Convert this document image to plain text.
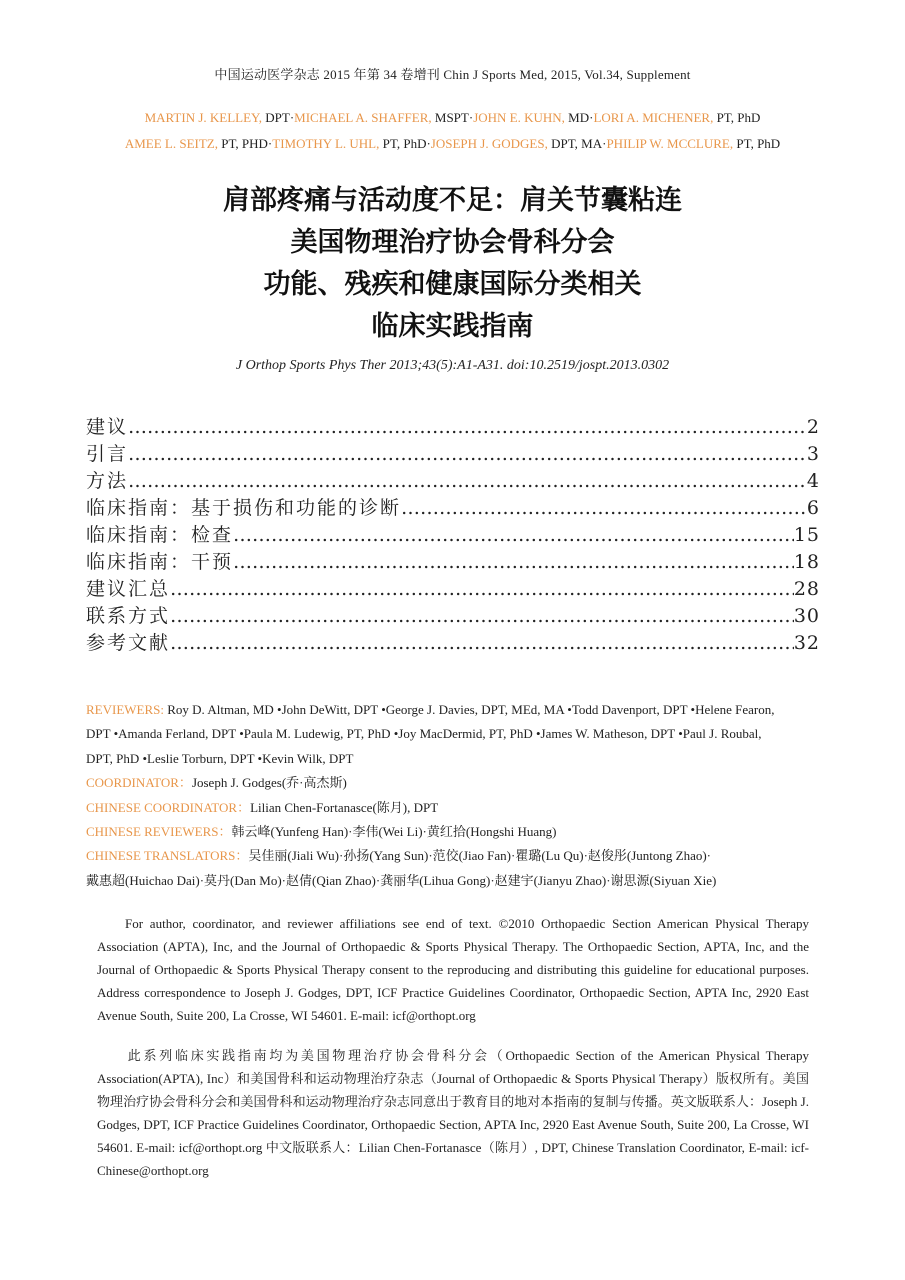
中国运动医学杂志 2015 年第 34 卷增刊 Chin J Sports Med, 2015, Vol.34, Supplement
MARTIN J. KELLEY, DPT·MICHAEL A. SHAFFER, MSPT·JOHN E. KUHN, MD·LORI A. MICHENER, PT, PhD
AMEE L. SEITZ, PT, PHD·TIMOTHY L. UHL, PT, PhD·JOSEPH J. GODGES, DPT, MA·PHILIP W. MCCLURE, PT, PhD
肩部疼痛与活动度不足：肩关节囊粘连
美国物理治疗协会骨科分会
功能、残疾和健康国际分类相关
临床实践指南
J Orthop Sports Phys Ther 2013;43(5):A1-A31. doi:10.2519/jospt.2013.0302
建议 …………………………………………………………………………………………………………………………………………………	2
引言 …………………………………………………………………………………………………………………………………………………	3
方法 …………………………………………………………………………………………………………………………………………………	4
临床指南：基于损伤和功能的诊断 …………………………………………………………………………………………………………………………………………………	6
临床指南：检查 …………………………………………………………………………………………………………………………………………………	15
临床指南：干预 …………………………………………………………………………………………………………………………………………………	18
建议汇总 …………………………………………………………………………………………………………………………………………………	28
联系方式 …………………………………………………………………………………………………………………………………………………	30
参考文献 …………………………………………………………………………………………………………………………………………………	32
REVIEWERS: Roy D. Altman, MD •John DeWitt, DPT •George J. Davies, DPT, MEd, MA •Todd Davenport, DPT •Helene Fearon,
DPT •Amanda Ferland, DPT •Paula M. Ludewig, PT, PhD •Joy MacDermid, PT, PhD •James W. Matheson, DPT •Paul J. Roubal,
DPT, PhD •Leslie Torburn, DPT •Kevin Wilk, DPT
COORDINATOR：Joseph J. Godges(乔·高杰斯)
CHINESE COORDINATOR：Lilian Chen-Fortanasce(陈月), DPT
CHINESE REVIEWERS：韩云峰(Yunfeng Han)·李伟(Wei Li)·黄红拾(Hongshi Huang)
CHINESE TRANSLATORS：吴佳丽(Jiali Wu)·孙扬(Yang Sun)·范佼(Jiao Fan)·瞿璐(Lu Qu)·赵俊彤(Juntong Zhao)·
戴惠超(Huichao Dai)·莫丹(Dan Mo)·赵倩(Qian Zhao)·龚丽华(Lihua Gong)·赵建宇(Jianyu Zhao)·谢思源(Siyuan Xie)
For author, coordinator, and reviewer affiliations see end of text. ©2010 Orthopaedic Section American Physical Therapy Association (APTA), Inc, and the Journal of Orthopaedic & Sports Physical Therapy. The Orthopaedic Section, APTA, Inc, and the Journal of Orthopaedic & Sports Physical Therapy consent to the reproducing and distributing this guideline for educational purposes. Address correspondence to Joseph J. Godges, DPT, ICF Practice Guidelines Coordinator, Orthopaedic Section, APTA Inc, 2920 East Avenue South, Suite 200, La Crosse, WI 54601. E-mail: icf@orthopt.org
此系列临床实践指南均为美国物理治疗协会骨科分会（Orthopaedic Section of the American Physical Therapy Association(APTA), Inc）和美国骨科和运动物理治疗杂志（Journal of Orthopaedic & Sports Physical Therapy）版权所有。美国物理治疗协会骨科分会和美国骨科和运动物理治疗杂志同意出于教育目的地对本指南的复制与传播。英文版联系人：Joseph J. Godges, DPT, ICF Practice Guidelines Coordinator, Orthopaedic Section, APTA Inc, 2920 East Avenue South, Suite 200, La Crosse, WI 54601. E-mail: icf@orthopt.org 中文版联系人：Lilian Chen-Fortanasce（陈月）, DPT, Chinese Translation Coordinator, E-mail: icf-Chinese@orthopt.org
